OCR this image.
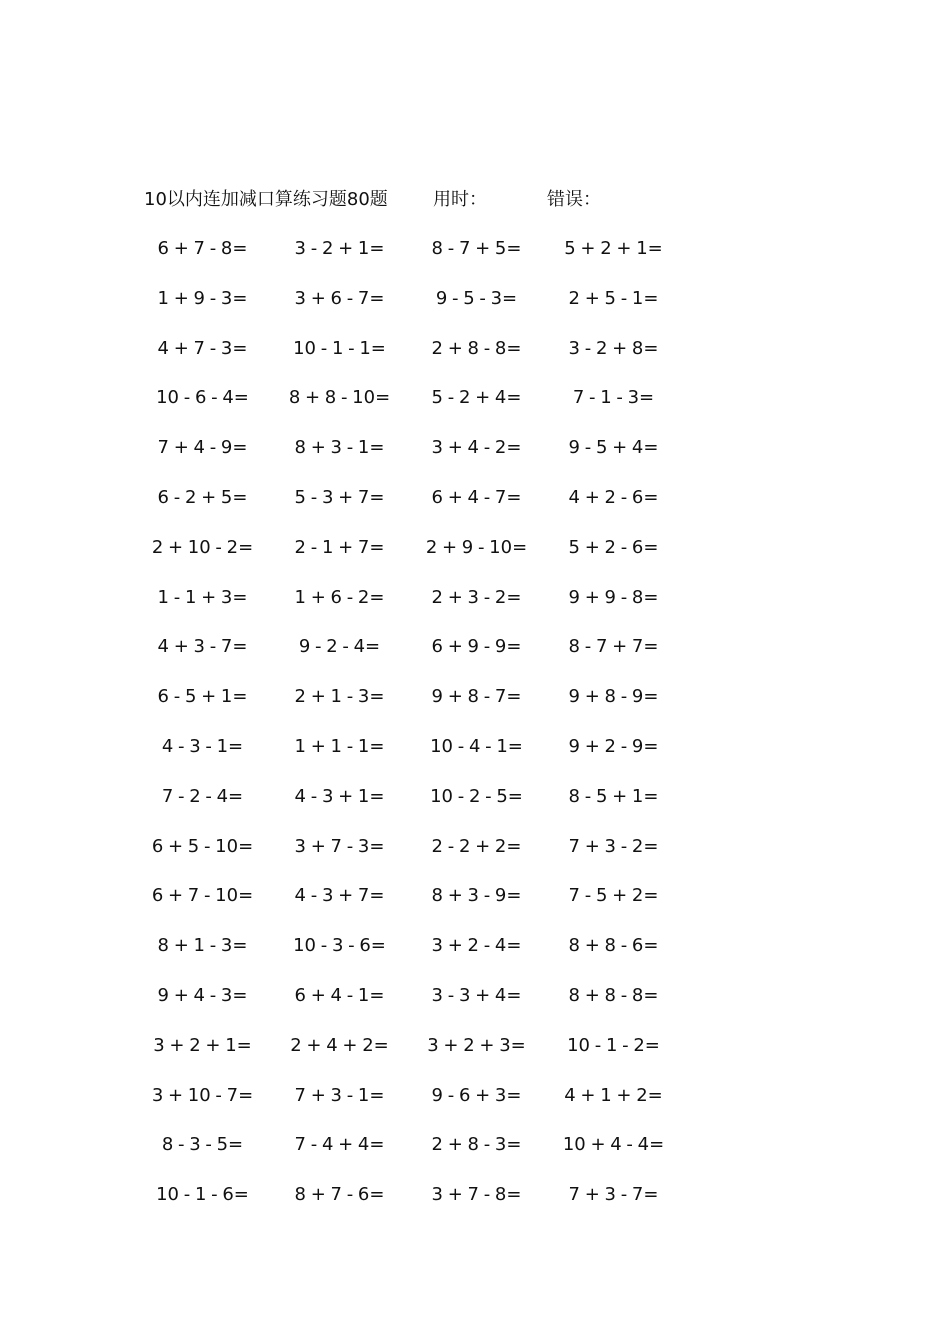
10以内连加减口算练习题80题	用时：	错误：
6 + 7 - 8=	3 - 2 + 1=	8 - 7 + 5=	5 + 2 + 1=
1 + 9 - 3=	3 + 6 - 7=	9 - 5 - 3=	2 + 5 - 1=
4 + 7 - 3=	10 - 1 - 1=	2 + 8 - 8=	3 - 2 + 8=
10 - 6 - 4=	8 + 8 - 10=	5 - 2 + 4=	7 - 1 - 3=
7 + 4 - 9=	8 + 3 - 1=	3 + 4 - 2=	9 - 5 + 4=
6 - 2 + 5=	5 - 3 + 7=	6 + 4 - 7=	4 + 2 - 6=
2 + 10 - 2=	2 - 1 + 7=	2 + 9 - 10=	5 + 2 - 6=
1 - 1 + 3=	1 + 6 - 2=	2 + 3 - 2=	9 + 9 - 8=
4 + 3 - 7=	9 - 2 - 4=	6 + 9 - 9=	8 - 7 + 7=
6 - 5 + 1=	2 + 1 - 3=	9 + 8 - 7=	9 + 8 - 9=
4 - 3 - 1=	1 + 1 - 1=	10 - 4 - 1=	9 + 2 - 9=
7 - 2 - 4=	4 - 3 + 1=	10 - 2 - 5=	8 - 5 + 1=
6 + 5 - 10=	3 + 7 - 3=	2 - 2 + 2=	7 + 3 - 2=
6 + 7 - 10=	4 - 3 + 7=	8 + 3 - 9=	7 - 5 + 2=
8 + 1 - 3=	10 - 3 - 6=	3 + 2 - 4=	8 + 8 - 6=
9 + 4 - 3=	6 + 4 - 1=	3 - 3 + 4=	8 + 8 - 8=
3 + 2 + 1=	2 + 4 + 2=	3 + 2 + 3=	10 - 1 - 2=
3 + 10 - 7=	7 + 3 - 1=	9 - 6 + 3=	4 + 1 + 2=
8 - 3 - 5=	7 - 4 + 4=	2 + 8 - 3=	10 + 4 - 4=
10 - 1 - 6=	8 + 7 - 6=	3 + 7 - 8=	7 + 3 - 7=
